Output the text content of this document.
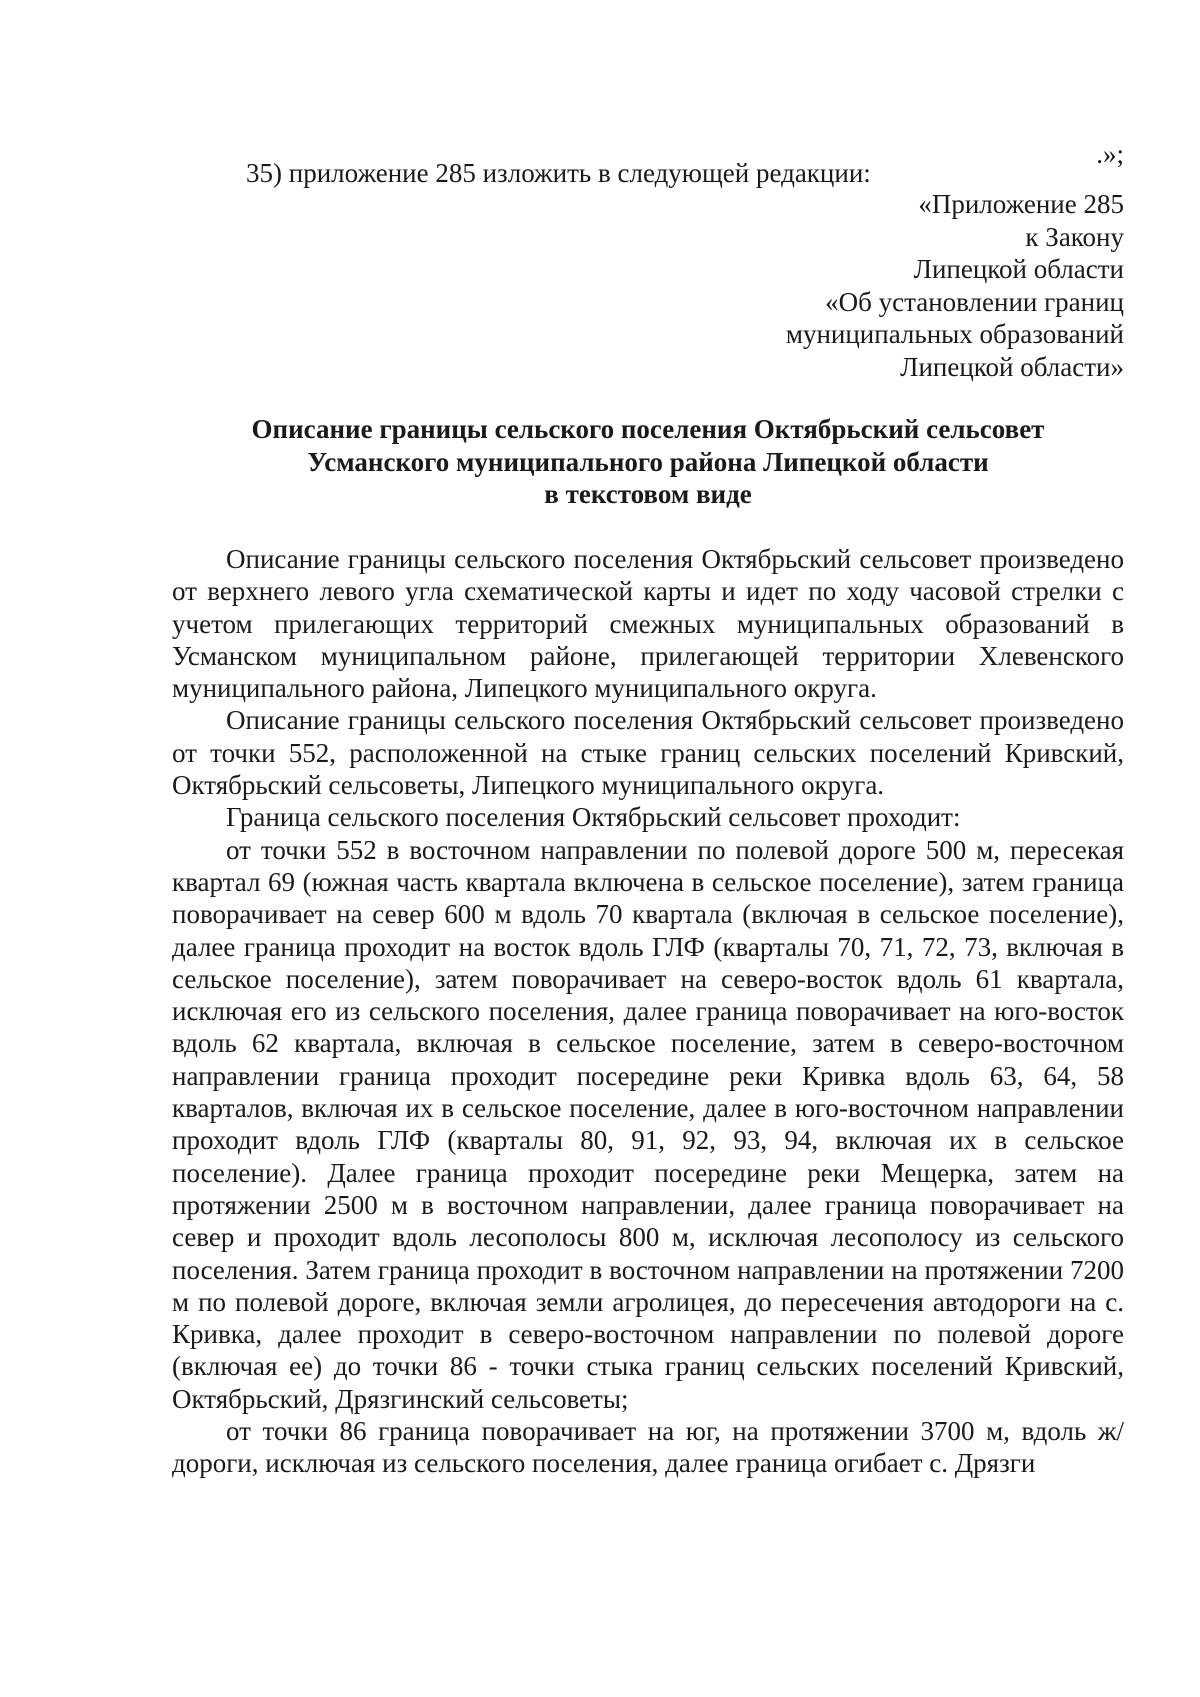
.»;
35) приложение 285 изложить в следующей редакции:
«Приложение 285
к Закону
Липецкой области
«Об установлении границ
муниципальных образований
Липецкой области»
Описание границы сельского поселения Октябрьский сельсовет
Усманского муниципального района Липецкой области
в текстовом виде

Описание границы сельского поселения Октябрьский сельсовет произведено от верхнего левого угла схематической карты и идет по ходу часовой стрелки с учетом прилегающих территорий смежных муниципальных образований в Усманском муниципальном районе, прилегающей территории Хлевенского муниципального района, Липецкого муниципального округа.

Описание границы сельского поселения Октябрьский сельсовет произведено от точки 552, расположенной на стыке границ сельских поселений Кривский, Октябрьский сельсоветы, Липецкого муниципального округа.

Граница сельского поселения Октябрьский сельсовет проходит:

от точки 552 в восточном направлении по полевой дороге 500 м, пересекая квартал 69 (южная часть квартала включена в сельское поселение), затем граница поворачивает на север 600 м вдоль 70 квартала (включая в сельское поселение), далее граница проходит на восток вдоль ГЛФ (кварталы 70, 71, 72, 73, включая в сельское поселение), затем поворачивает на северо-восток вдоль 61 квартала, исключая его из сельского поселения, далее граница поворачивает на юго-восток вдоль 62 квартала, включая в сельское поселение, затем в северо-восточном направлении граница проходит посередине реки Кривка вдоль 63, 64, 58 кварталов, включая их в сельское поселение, далее в юго-восточном направлении проходит вдоль ГЛФ (кварталы 80, 91, 92, 93, 94, включая их в сельское поселение). Далее граница проходит посередине реки Мещерка, затем на протяжении 2500 м в восточном направлении, далее граница поворачивает на север и проходит вдоль лесополосы 800 м, исключая лесополосу из сельского поселения. Затем граница проходит в восточном направлении на протяжении 7200 м по полевой дороге, включая земли агролицея, до пересечения автодороги на с. Кривка, далее проходит в северо-восточном направлении по полевой дороге (включая ее) до точки 86 - точки стыка границ сельских поселений Кривский, Октябрьский, Дрязгинский сельсоветы;

от точки 86 граница поворачивает на юг, на протяжении 3700 м, вдоль ж/дороги, исключая из сельского поселения, далее граница огибает с. Дрязги
